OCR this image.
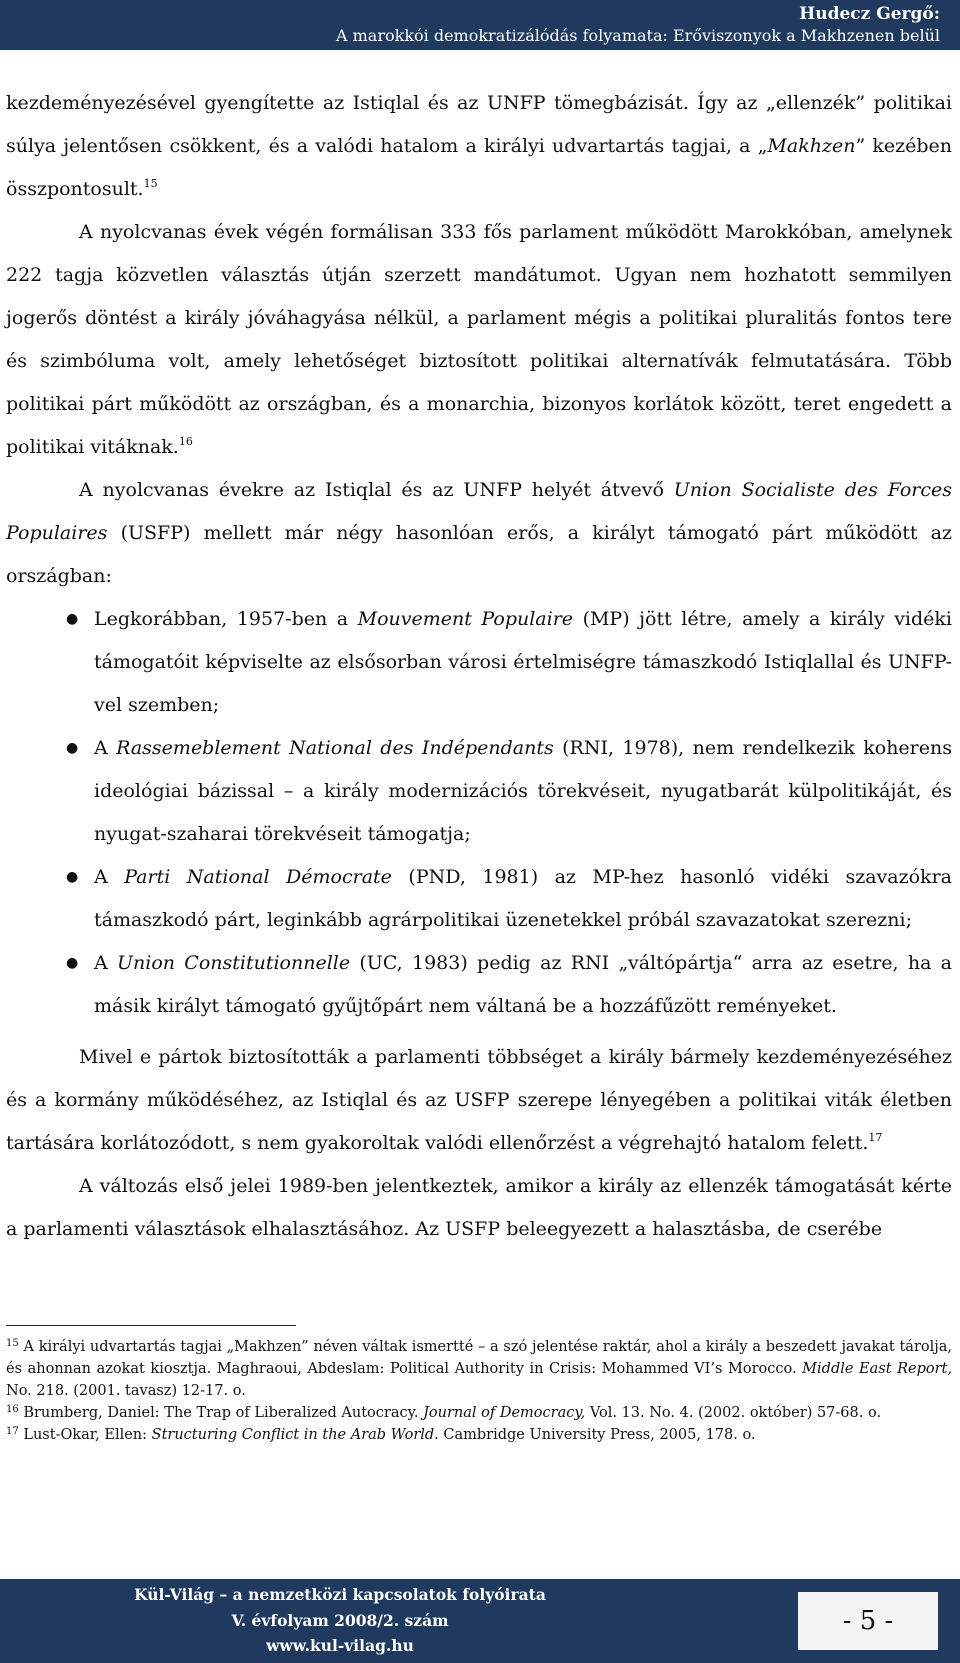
Hudecz Gergő:
A marokkói demokratizálódás folyamata: Erőviszonyok a Makhzenen belül

kezdeményezésével gyengítette az Istiqlal és az UNFP tömegbázisát. Így az „ellenzék” politikai súlya jelentősen csökkent, és a valódi hatalom a királyi udvartartás tagjai, a „Makhzen” kezében összpontosult.$^{15}$

A nyolcvanas évek végén formálisan 333 fős parlament működött Marokkóban, amelynek 222 tagja közvetlen választás útján szerzett mandátumot. Ugyan nem hozhatott semmilyen jogerős döntést a király jóváhagyása nélkül, a parlament mégis a politikai pluralitás fontos tere és szimbóluma volt, amely lehetőséget biztosított politikai alternatívák felmutatására. Több politikai párt működött az országban, és a monarchia, bizonyos korlátok között, teret engedett a politikai vitáknak.$^{16}$

A nyolcvanas évekre az Istiqlal és az UNFP helyét átvevő Union Socialiste des Forces Populaires (USFP) mellett már négy hasonlóan erős, a királyt támogató párt működött az országban:

● Legkorábban, 1957-ben a Mouvement Populaire (MP) jött létre, amely a király vidéki támogatóit képviselte az elsősorban városi értelmiségre támaszkodó Istiqlallal és UNFP-vel szemben;
● A Rassemeblement National des Indépendants (RNI, 1978), nem rendelkezik koherens ideológiai bázissal – a király modernizációs törekvéseit, nyugatbarát külpolitikáját, és nyugat-szaharai törekvéseit támogatja;
● A Parti National Démocrate (PND, 1981) az MP-hez hasonló vidéki szavazókra támaszkodó párt, leginkább agrárpolitikai üzenetekkel próbál szavazatokat szerezni;
● A Union Constitutionnelle (UC, 1983) pedig az RNI „váltópártja“ arra az esetre, ha a másik királyt támogató gyűjtőpárt nem váltaná be a hozzáfűzött reményeket.

Mivel e pártok biztosították a parlamenti többséget a király bármely kezdeményezéséhez és a kormány működéséhez, az Istiqlal és az USFP szerepe lényegében a politikai viták életben tartására korlátozódott, s nem gyakoroltak valódi ellenőrzést a végrehajtó hatalom felett.$^{17}$

A változás első jelei 1989-ben jelentkeztek, amikor a király az ellenzék támogatását kérte a parlamenti választások elhalasztásához. Az USFP beleegyezett a halasztásba, de cserébe

$^{15}$ A királyi udvartartás tagjai „Makhzen” néven váltak ismertté – a szó jelentése raktár, ahol a király a beszedett javakat tárolja, és ahonnan azokat kiosztja. Maghraoui, Abdeslam: Political Authority in Crisis: Mohammed VI’s Morocco. Middle East Report, No. 218. (2001. tavasz) 12-17. o.

$^{16}$ Brumberg, Daniel: The Trap of Liberalized Autocracy. Journal of Democracy, Vol. 13. No. 4. (2002. október) 57-68. o.

$^{17}$ Lust-Okar, Ellen: Structuring Conflict in the Arab World. Cambridge University Press, 2005, 178. o.

Kül-Világ – a nemzetközi kapcsolatok folyóirata
V. évfolyam 2008/2. szám
www.kul-vilag.hu
- 5 -
